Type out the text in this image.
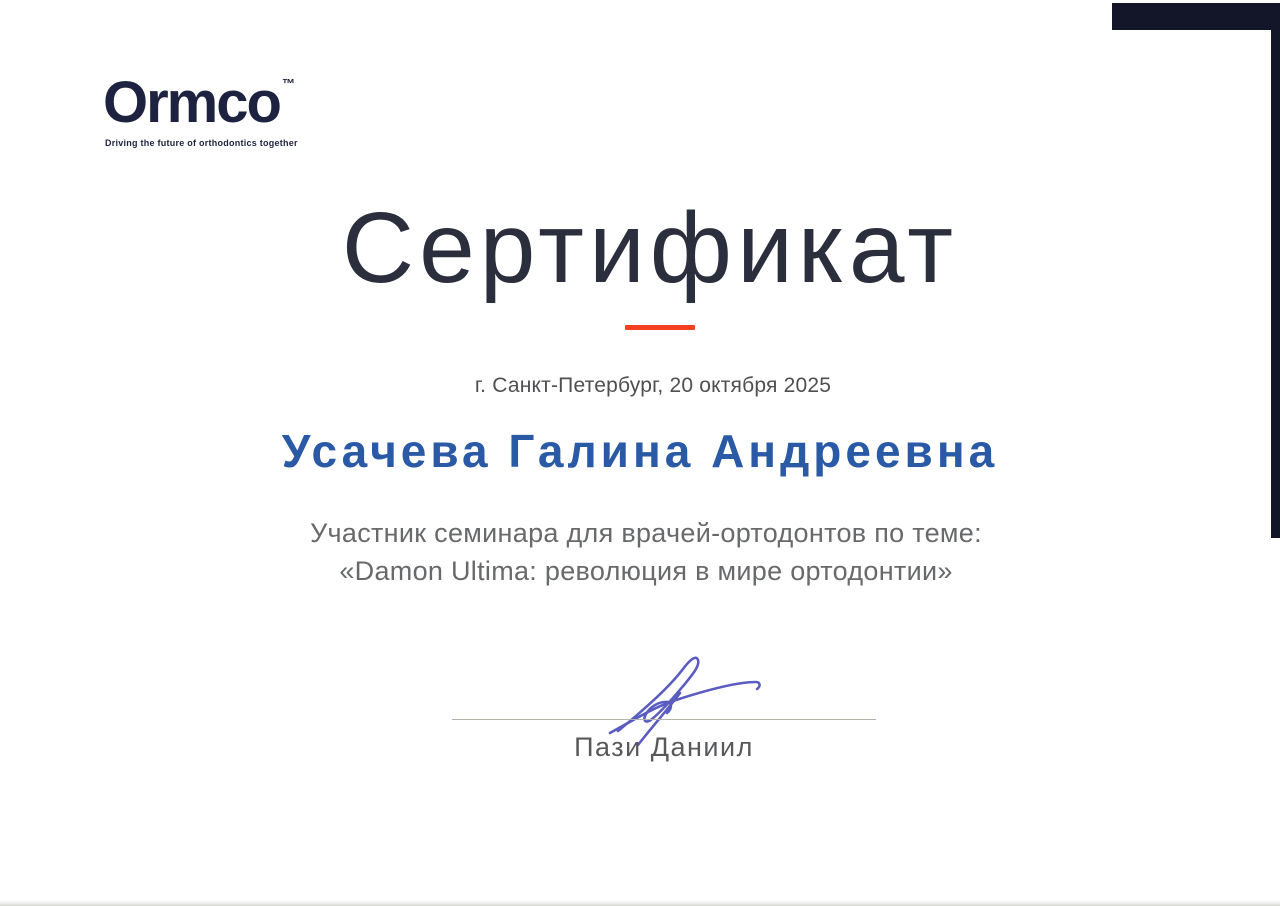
Ormco ™
Driving the future of orthodontics together
Сертификат
г. Санкт-Петербург, 20 октября 2025
Усачева Галина Андреевна
Участник семинара для врачей-ортодонтов по теме:
«Damon Ultima: революция в мире ортодонтии»
Пази Даниил
